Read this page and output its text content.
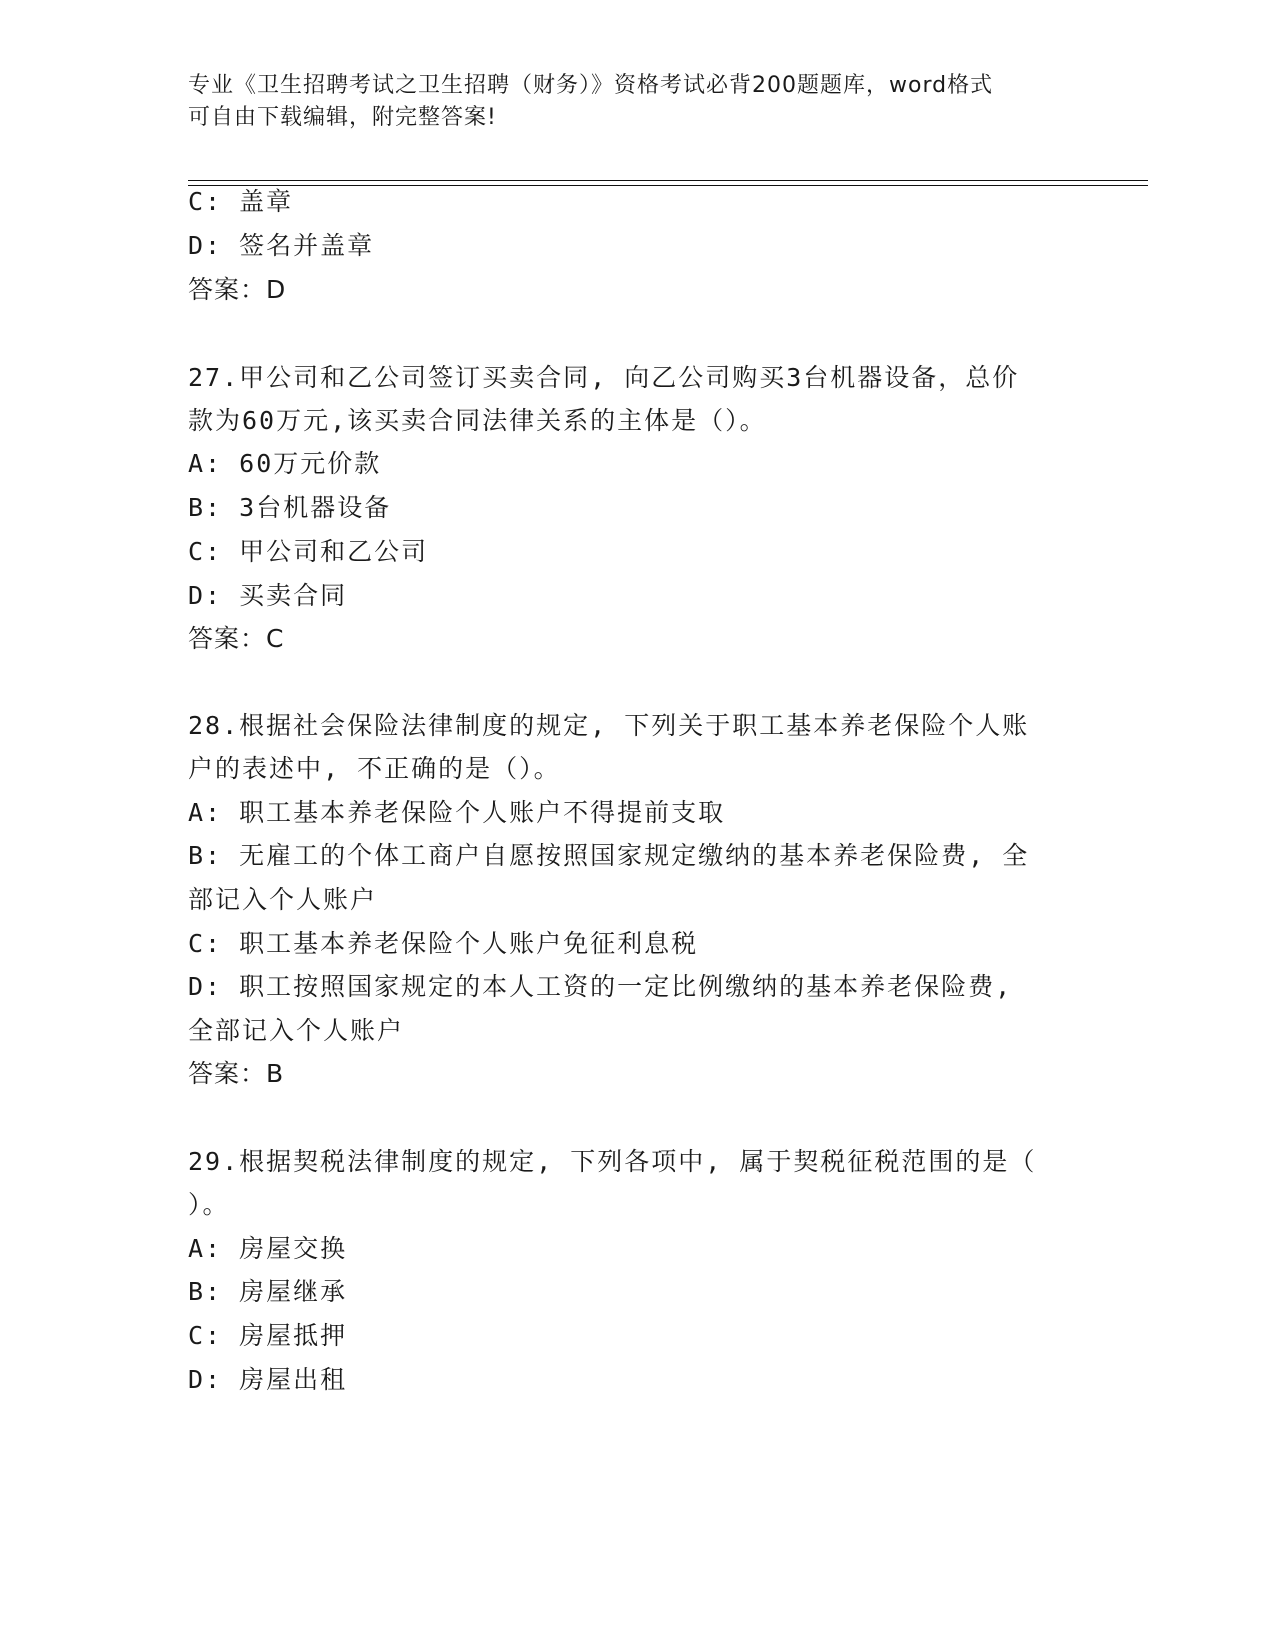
专业《卫生招聘考试之卫生招聘（财务）》资格考试必背200题题库，word格式
可自由下载编辑，附完整答案!
C: 盖章
D: 签名并盖章
答案：D
27.甲公司和乙公司签订买卖合同, 向乙公司购买3台机器设备，总价
款为60万元,该买卖合同法律关系的主体是（）。
A: 60万元价款
B: 3台机器设备
C: 甲公司和乙公司
D: 买卖合同
答案：C
28.根据社会保险法律制度的规定, 下列关于职工基本养老保险个人账
户的表述中, 不正确的是（）。
A: 职工基本养老保险个人账户不得提前支取
B: 无雇工的个体工商户自愿按照国家规定缴纳的基本养老保险费, 全
部记入个人账户
C: 职工基本养老保险个人账户免征利息税
D: 职工按照国家规定的本人工资的一定比例缴纳的基本养老保险费,
全部记入个人账户
答案：B
29.根据契税法律制度的规定, 下列各项中, 属于契税征税范围的是（
）。
A: 房屋交换
B: 房屋继承
C: 房屋抵押
D: 房屋出租
